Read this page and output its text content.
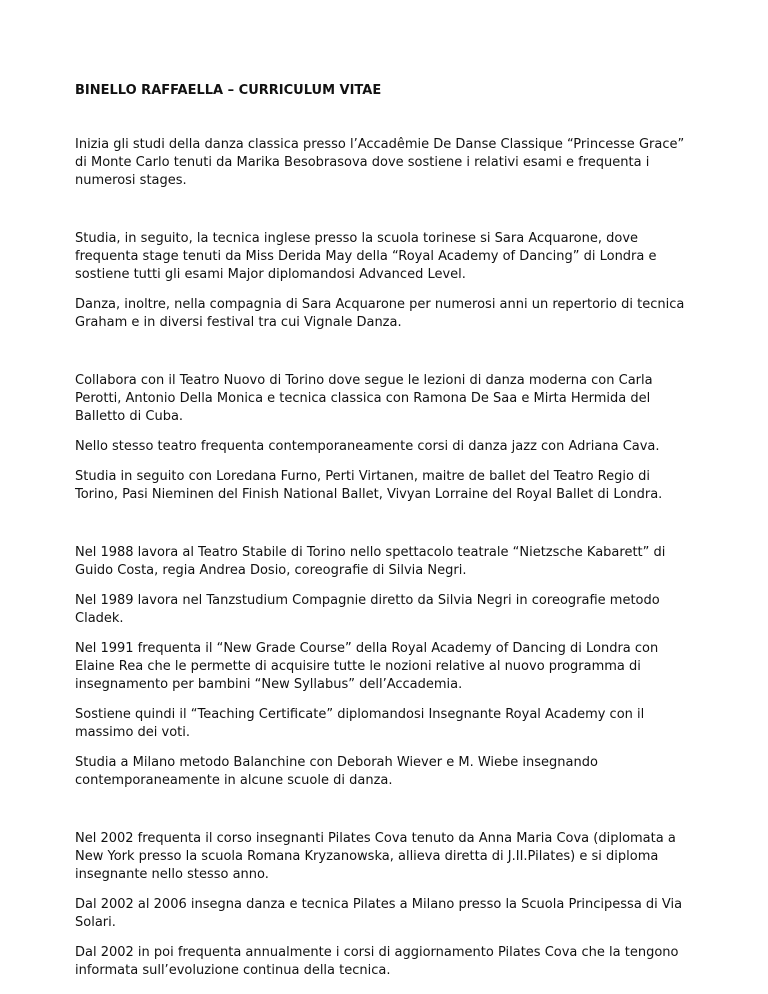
BINELLO RAFFAELLA – CURRICULUM VITAE

Inizia gli studi della danza classica presso l’Accadêmie De Danse Classique “Princesse Grace” di Monte Carlo tenuti da Marika Besobrasova dove sostiene i relativi esami e frequenta i numerosi stages.

Studia, in seguito, la tecnica inglese presso la scuola torinese si Sara Acquarone, dove frequenta stage tenuti da Miss Derida May della “Royal Academy of Dancing” di Londra e sostiene tutti gli esami Major diplomandosi Advanced Level.

Danza, inoltre, nella compagnia di Sara Acquarone per numerosi anni un repertorio di tecnica Graham e in diversi festival tra cui Vignale Danza.

Collabora con il Teatro Nuovo di Torino dove segue le lezioni di danza moderna con Carla Perotti, Antonio Della Monica e tecnica classica con Ramona De Saa e Mirta Hermida del Balletto di Cuba.

Nello stesso teatro frequenta contemporaneamente corsi di danza jazz con Adriana Cava.

Studia in seguito con Loredana Furno, Perti Virtanen, maitre de ballet del Teatro Regio di Torino, Pasi Nieminen del Finish National Ballet, Vivyan Lorraine del Royal Ballet di Londra.

Nel 1988 lavora al Teatro Stabile di Torino nello spettacolo teatrale “Nietzsche Kabarett” di Guido Costa, regia Andrea Dosio, coreografie di Silvia Negri.

Nel 1989 lavora nel Tanzstudium Compagnie diretto da Silvia Negri in coreografie metodo Cladek.

Nel 1991 frequenta il “New Grade Course” della Royal Academy of Dancing di Londra con Elaine Rea che le permette di acquisire tutte le nozioni relative al nuovo programma di insegnamento per bambini “New Syllabus” dell’Accademia.

Sostiene quindi il “Teaching Certificate” diplomandosi Insegnante Royal Academy con il massimo dei voti.

Studia a Milano metodo Balanchine con Deborah Wiever e M. Wiebe insegnando contemporaneamente in alcune scuole di danza.

Nel 2002 frequenta il corso insegnanti Pilates Cova tenuto da Anna Maria Cova (diplomata a New York presso la scuola Romana Kryzanowska, allieva diretta di J.II.Pilates) e si diploma insegnante nello stesso anno.

Dal 2002 al 2006 insegna danza e tecnica Pilates a Milano presso la Scuola Principessa di Via Solari.

Dal 2002 in poi frequenta annualmente i corsi di aggiornamento Pilates Cova che la tengono informata sull’evoluzione continua della tecnica.
